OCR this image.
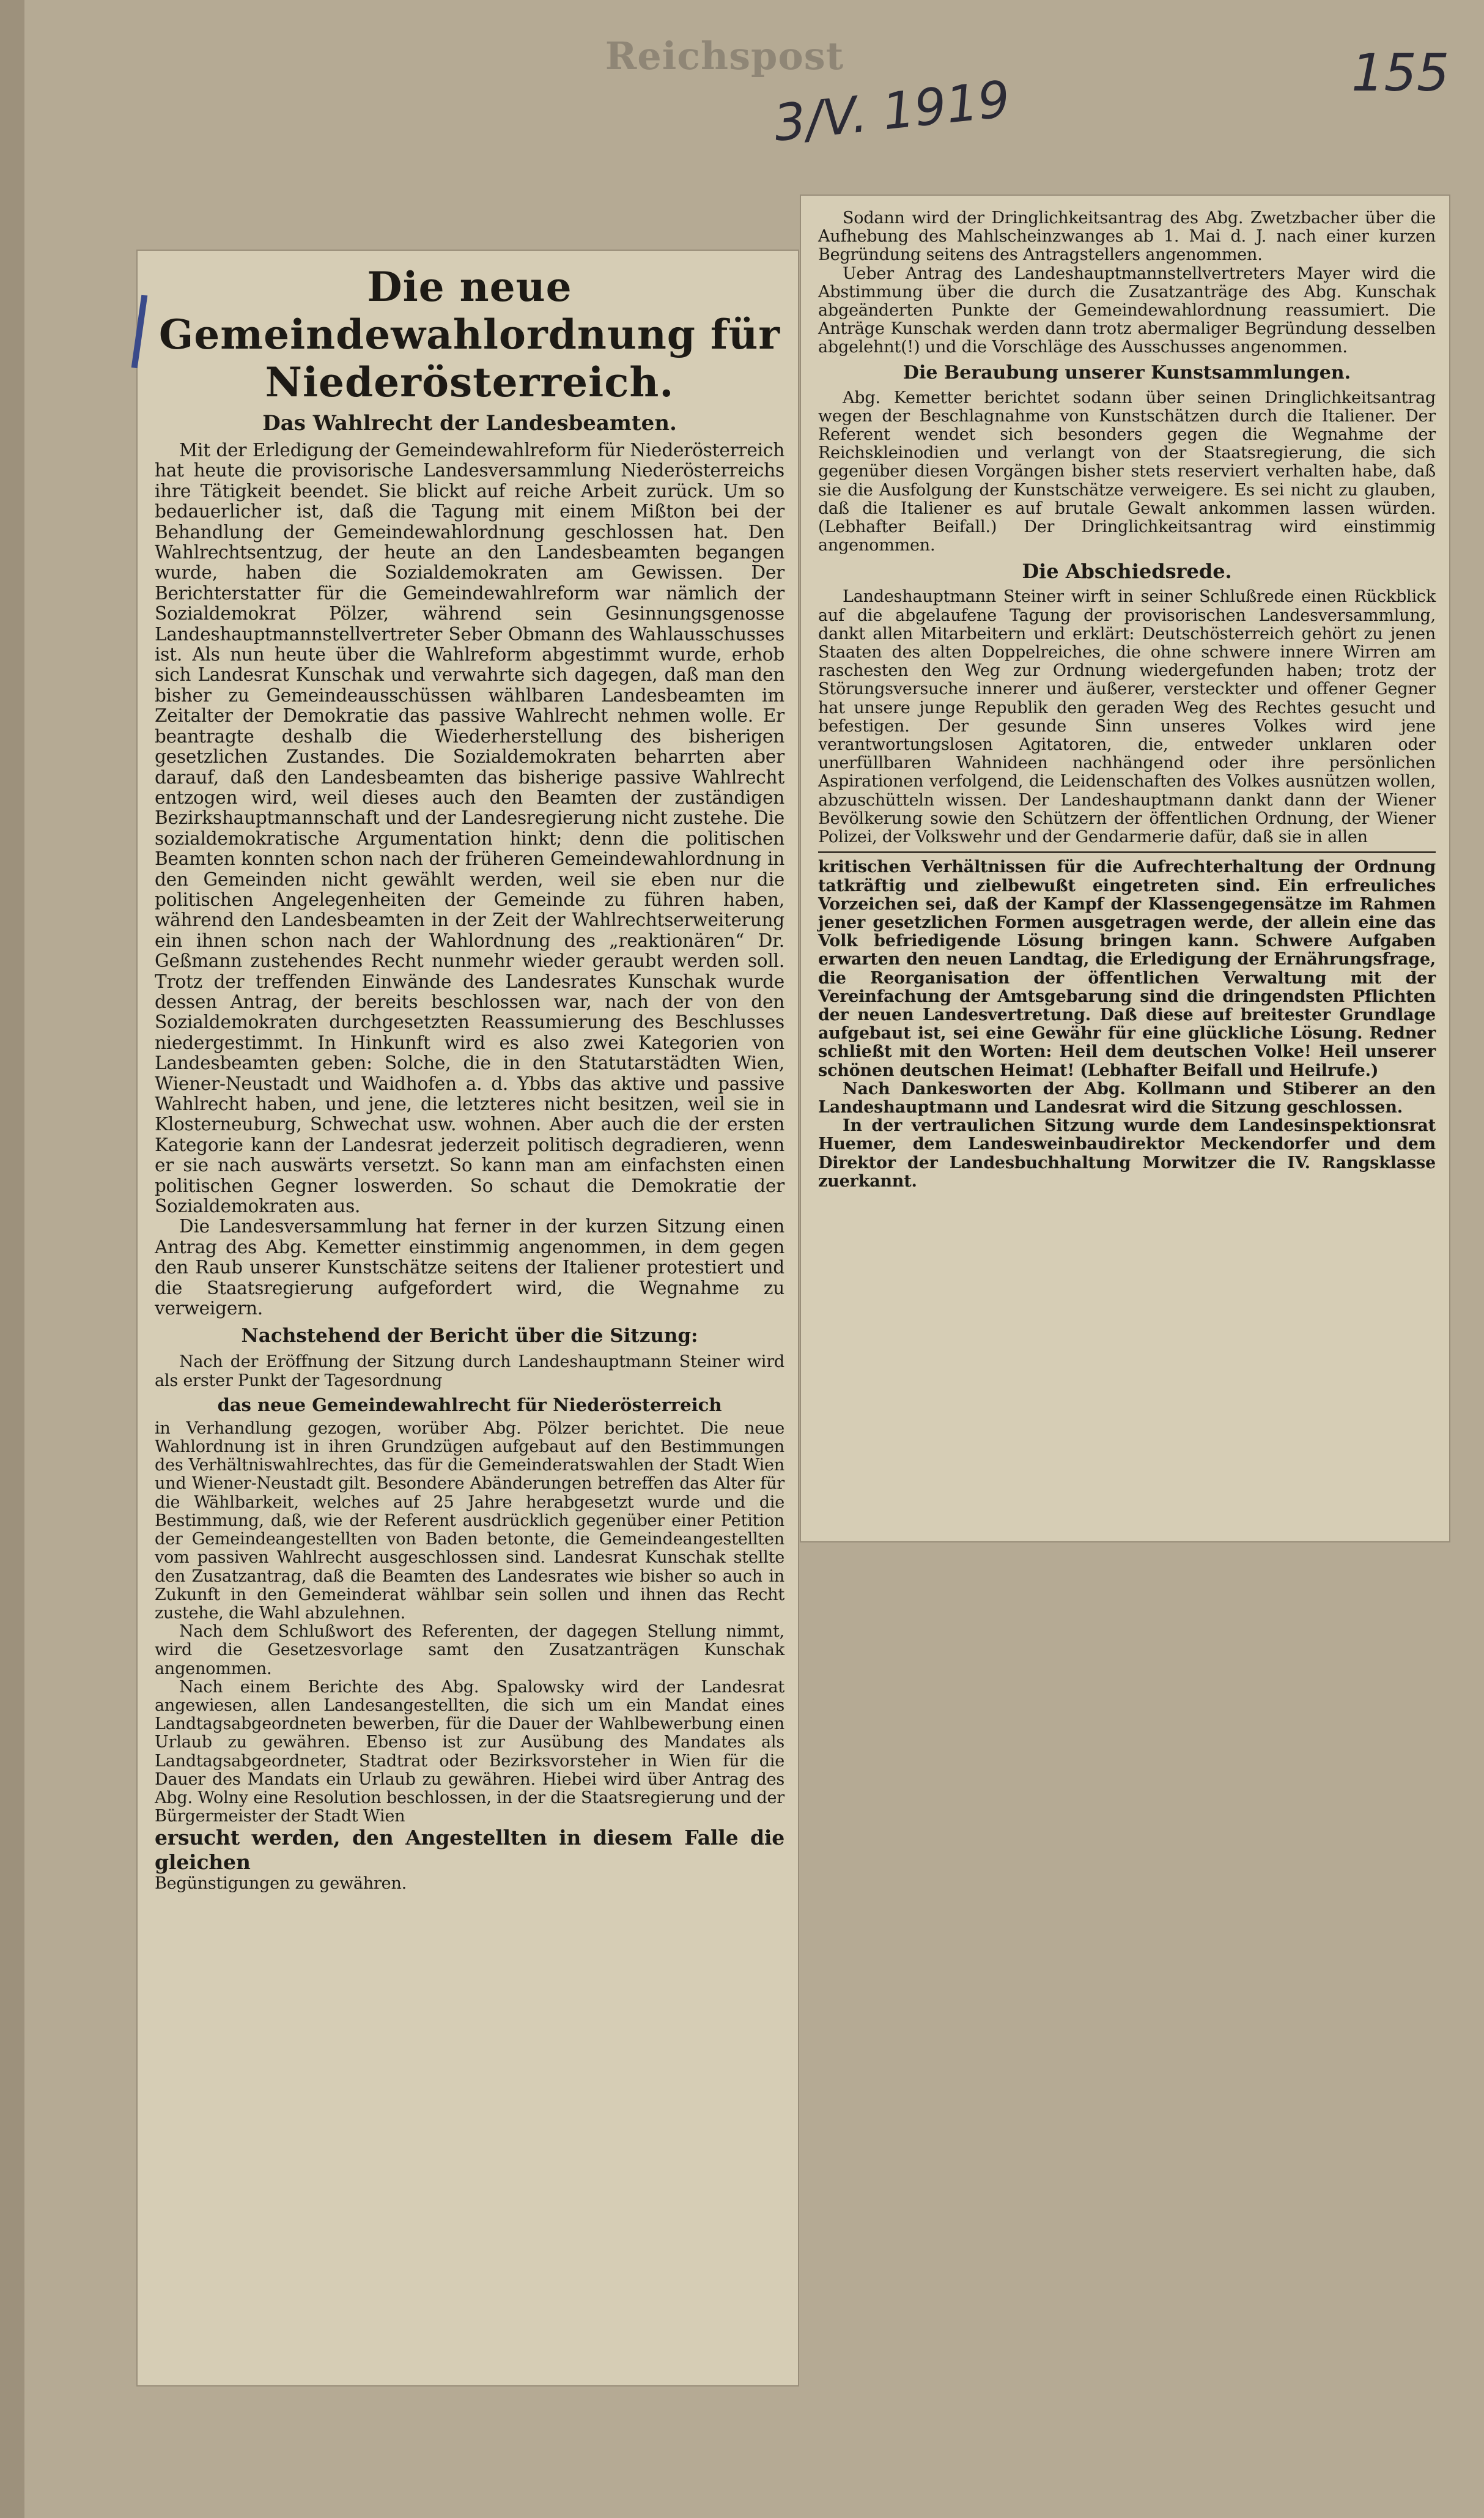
Reichspost
3/V. 1919	155
Die neue Gemeindewahlordnung für Niederösterreich.
Das Wahlrecht der Landesbeamten.

Mit der Erledigung der Gemeindewahlreform für Niederösterreich hat heute die provisorische Landesversammlung Niederösterreichs ihre Tätigkeit beendet. Sie blickt auf reiche Arbeit zurück. Um so bedauerlicher ist, daß die Tagung mit einem Mißton bei der Behandlung der Gemeindewahlordnung geschlossen hat. Den Wahlrechtsentzug, der heute an den Landesbeamten begangen wurde, haben die Sozialdemokraten am Gewissen. Der Berichterstatter für die Gemeindewahlreform war nämlich der Sozialdemokrat Pölzer, während sein Gesinnungsgenosse Landeshauptmannstellvertreter Seber Obmann des Wahlausschusses ist. Als nun heute über die Wahlreform abgestimmt wurde, erhob sich Landesrat Kunschak und verwahrte sich dagegen, daß man den bisher zu Gemeindeausschüssen wählbaren Landesbeamten im Zeitalter der Demokratie das passive Wahlrecht nehmen wolle. Er beantragte deshalb die Wiederherstellung des bisherigen gesetzlichen Zustandes. Die Sozialdemokraten beharrten aber darauf, daß den Landesbeamten das bisherige passive Wahlrecht entzogen wird, weil dieses auch den Beamten der zuständigen Bezirkshauptmannschaft und der Landesregierung nicht zustehe. Die sozialdemokratische Argumentation hinkt; denn die politischen Beamten konnten schon nach der früheren Gemeindewahlordnung in den Gemeinden nicht gewählt werden, weil sie eben nur die politischen Angelegenheiten der Gemeinde zu führen haben, während den Landesbeamten in der Zeit der Wahlrechtserweiterung ein ihnen schon nach der Wahlordnung des „reaktionären“ Dr. Geßmann zustehendes Recht nunmehr wieder geraubt werden soll. Trotz der treffenden Einwände des Landesrates Kunschak wurde dessen Antrag, der bereits beschlossen war, nach der von den Sozialdemokraten durchgesetzten Reassumierung des Beschlusses niedergestimmt. In Hinkunft wird es also zwei Kategorien von Landesbeamten geben: Solche, die in den Statutarstädten Wien, Wiener-Neustadt und Waidhofen a. d. Ybbs das aktive und passive Wahlrecht haben, und jene, die letzteres nicht besitzen, weil sie in Klosterneuburg, Schwechat usw. wohnen. Aber auch die der ersten Kategorie kann der Landesrat jederzeit politisch degradieren, wenn er sie nach auswärts versetzt. So kann man am einfachsten einen politischen Gegner loswerden. So schaut die Demokratie der Sozialdemokraten aus.

Die Landesversammlung hat ferner in der kurzen Sitzung einen Antrag des Abg. Kemetter einstimmig angenommen, in dem gegen den Raub unserer Kunstschätze seitens der Italiener protestiert und die Staatsregierung aufgefordert wird, die Wegnahme zu verweigern.

Nachstehend der Bericht über die Sitzung:

Nach der Eröffnung der Sitzung durch Landeshauptmann Steiner wird als erster Punkt der Tagesordnung

das neue Gemeindewahlrecht für Niederösterreich

in Verhandlung gezogen, worüber Abg. Pölzer berichtet. Die neue Wahlordnung ist in ihren Grundzügen aufgebaut auf den Bestimmungen des Verhältniswahlrechtes, das für die Gemeinderatswahlen der Stadt Wien und Wiener-Neustadt gilt. Besondere Abänderungen betreffen das Alter für die Wählbarkeit, welches auf 25 Jahre herabgesetzt wurde und die Bestimmung, daß, wie der Referent ausdrücklich gegenüber einer Petition der Gemeindeangestellten von Baden betonte, die Gemeindeangestellten vom passiven Wahlrecht ausgeschlossen sind. Landesrat Kunschak stellte den Zusatzantrag, daß die Beamten des Landesrates wie bisher so auch in Zukunft in den Gemeinderat wählbar sein sollen und ihnen das Recht zustehe, die Wahl abzulehnen.

Nach dem Schlußwort des Referenten, der dagegen Stellung nimmt, wird die Gesetzesvorlage samt den Zusatzanträgen Kunschak angenommen.

Nach einem Berichte des Abg. Spalowsky wird der Landesrat angewiesen, allen Landesangestellten, die sich um ein Mandat eines Landtagsabgeordneten bewerben, für die Dauer der Wahlbewerbung einen Urlaub zu gewähren. Ebenso ist zur Ausübung des Mandates als Landtagsabgeordneter, Stadtrat oder Bezirksvorsteher in Wien für die Dauer des Mandats ein Urlaub zu gewähren. Hiebei wird über Antrag des Abg. Wolny eine Resolution beschlossen, in der die Staatsregierung und der Bürgermeister der Stadt Wien

ersucht werden, den Angestellten in diesem Falle die gleichen

Begünstigungen zu gewähren.

Sodann wird der Dringlichkeitsantrag des Abg. Zwetzbacher über die Aufhebung des Mahlscheinzwanges ab 1. Mai d. J. nach einer kurzen Begründung seitens des Antragstellers angenommen.

Ueber Antrag des Landeshauptmannstellvertreters Mayer wird die Abstimmung über die durch die Zusatzanträge des Abg. Kunschak abgeänderten Punkte der Gemeindewahlordnung reassumiert. Die Anträge Kunschak werden dann trotz abermaliger Begründung desselben abgelehnt(!) und die Vorschläge des Ausschusses angenommen.

Die Beraubung unserer Kunstsammlungen.

Abg. Kemetter berichtet sodann über seinen Dringlichkeitsantrag wegen der Beschlagnahme von Kunstschätzen durch die Italiener. Der Referent wendet sich besonders gegen die Wegnahme der Reichskleinodien und verlangt von der Staatsregierung, die sich gegenüber diesen Vorgängen bisher stets reserviert verhalten habe, daß sie die Ausfolgung der Kunstschätze verweigere. Es sei nicht zu glauben, daß die Italiener es auf brutale Gewalt ankommen lassen würden. (Lebhafter Beifall.) Der Dringlichkeitsantrag wird einstimmig angenommen.

Die Abschiedsrede.

Landeshauptmann Steiner wirft in seiner Schlußrede einen Rückblick auf die abgelaufene Tagung der provisorischen Landesversammlung, dankt allen Mitarbeitern und erklärt: Deutschösterreich gehört zu jenen Staaten des alten Doppelreiches, die ohne schwere innere Wirren am raschesten den Weg zur Ordnung wiedergefunden haben; trotz der Störungsversuche innerer und äußerer, versteckter und offener Gegner hat unsere junge Republik den geraden Weg des Rechtes gesucht und befestigen. Der gesunde Sinn unseres Volkes wird jene verantwortungslosen Agitatoren, die, entweder unklaren oder unerfüllbaren Wahnideen nachhängend oder ihre persönlichen Aspirationen verfolgend, die Leidenschaften des Volkes ausnützen wollen, abzuschütteln wissen. Der Landeshauptmann dankt dann der Wiener Bevölkerung sowie den Schützern der öffentlichen Ordnung, der Wiener Polizei, der Volkswehr und der Gendarmerie dafür, daß sie in allen

kritischen Verhältnissen für die Aufrechterhaltung der Ordnung tatkräftig und zielbewußt eingetreten sind. Ein erfreuliches Vorzeichen sei, daß der Kampf der Klassengegensätze im Rahmen jener gesetzlichen Formen ausgetragen werde, der allein eine das Volk befriedigende Lösung bringen kann. Schwere Aufgaben erwarten den neuen Landtag, die Erledigung der Ernährungsfrage, die Reorganisation der öffentlichen Verwaltung mit der Vereinfachung der Amtsgebarung sind die dringendsten Pflichten der neuen Landesvertretung. Daß diese auf breitester Grundlage aufgebaut ist, sei eine Gewähr für eine glückliche Lösung. Redner schließt mit den Worten: Heil dem deutschen Volke! Heil unserer schönen deutschen Heimat! (Lebhafter Beifall und Heilrufe.)

Nach Dankesworten der Abg. Kollmann und Stiberer an den Landeshauptmann und Landesrat wird die Sitzung geschlossen.

In der vertraulichen Sitzung wurde dem Landesinspektionsrat Huemer, dem Landesweinbaudirektor Meckendorfer und dem Direktor der Landesbuchhaltung Morwitzer die IV. Rangsklasse zuerkannt.
